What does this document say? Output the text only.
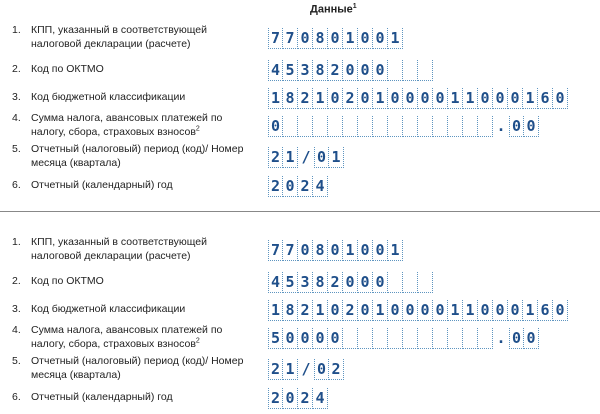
Данные$^1$
1. КПП, указанный в соответствующей налоговой декларации (расчете)	7 7 0 8 0 1 0 0 1
2. Код по ОКТМО	4 5 3 8 2 0 0 0
3. Код бюджетной классификации	1 8 2 1 0 2 0 1 0 0 0 0 1 1 0 0 0 1 6 0
4. Сумма налога, авансовых платежей по налогу, сбора, страховых взносов$^2$	0	. 0 0
5. Отчетный (налоговый) период (код)/ Номер месяца (квартала)	2 1 / 0 1
6. Отчетный (календарный) год	2 0 2 4
1. КПП, указанный в соответствующей налоговой декларации (расчете)	7 7 0 8 0 1 0 0 1
2. Код по ОКТМО	4 5 3 8 2 0 0 0
3. Код бюджетной классификации	1 8 2 1 0 2 0 1 0 0 0 0 1 1 0 0 0 1 6 0
4. Сумма налога, авансовых платежей по налогу, сбора, страховых взносов$^2$	5 0 0 0 0	. 0 0
5. Отчетный (налоговый) период (код)/ Номер месяца (квартала)	2 1 / 0 2
6. Отчетный (календарный) год	2 0 2 4
